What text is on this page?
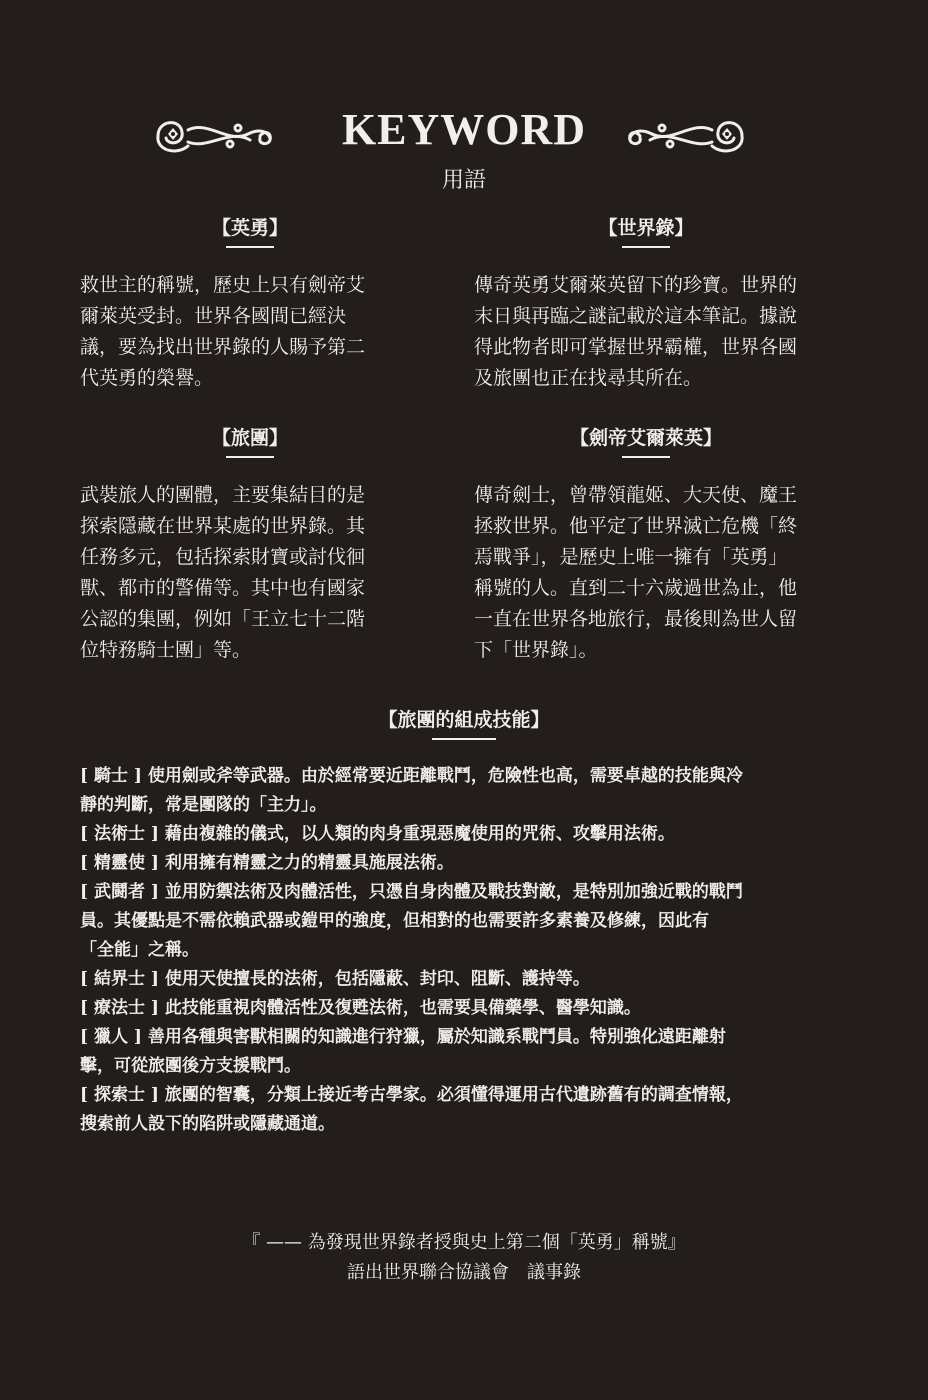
KEYWORD
用語
【英勇】
救世主的稱號，歷史上只有劍帝艾
爾萊英受封。世界各國間已經決
議，要為找出世界錄的人賜予第二
代英勇的榮譽。
【世界錄】
傳奇英勇艾爾萊英留下的珍寶。世界的
末日與再臨之謎記載於這本筆記。據說
得此物者即可掌握世界霸權，世界各國
及旅團也正在找尋其所在。
【旅團】
武裝旅人的團體，主要集結目的是
探索隱藏在世界某處的世界錄。其
任務多元，包括探索財寶或討伐徊
獸、都市的警備等。其中也有國家
公認的集團，例如「王立七十二階
位特務騎士團」等。
【劍帝艾爾萊英】
傳奇劍士，曾帶領龍姬、大天使、魔王
拯救世界。他平定了世界滅亡危機「終
焉戰爭」，是歷史上唯一擁有「英勇」
稱號的人。直到二十六歲過世為止，他
一直在世界各地旅行，最後則為世人留
下「世界錄」。
【旅團的組成技能】
[ 騎士 ] 使用劍或斧等武器。由於經常要近距離戰鬥，危險性也高，需要卓越的技能與冷
靜的判斷，常是團隊的「主力」。
[ 法術士 ] 藉由複雜的儀式，以人類的肉身重現惡魔使用的咒術、攻擊用法術。
[ 精靈使 ] 利用擁有精靈之力的精靈具施展法術。
[ 武鬪者 ] 並用防禦法術及肉體活性，只憑自身肉體及戰技對敵，是特別加強近戰的戰鬥
員。其優點是不需依賴武器或鎧甲的強度，但相對的也需要許多素養及修練，因此有
「全能」之稱。
[ 結界士 ] 使用天使擅長的法術，包括隱蔽、封印、阻斷、護持等。
[ 療法士 ] 此技能重視肉體活性及復甦法術，也需要具備藥學、醫學知識。
[ 獵人 ] 善用各種與害獸相關的知識進行狩獵，屬於知識系戰鬥員。特別強化遠距離射
擊，可從旅團後方支援戰鬥。
[ 探索士 ] 旅團的智囊，分類上接近考古學家。必須懂得運用古代遺跡舊有的調查情報，
搜索前人設下的陷阱或隱藏通道。
『 —— 為發現世界錄者授與史上第二個「英勇」稱號』
語出世界聯合協議會　議事錄
